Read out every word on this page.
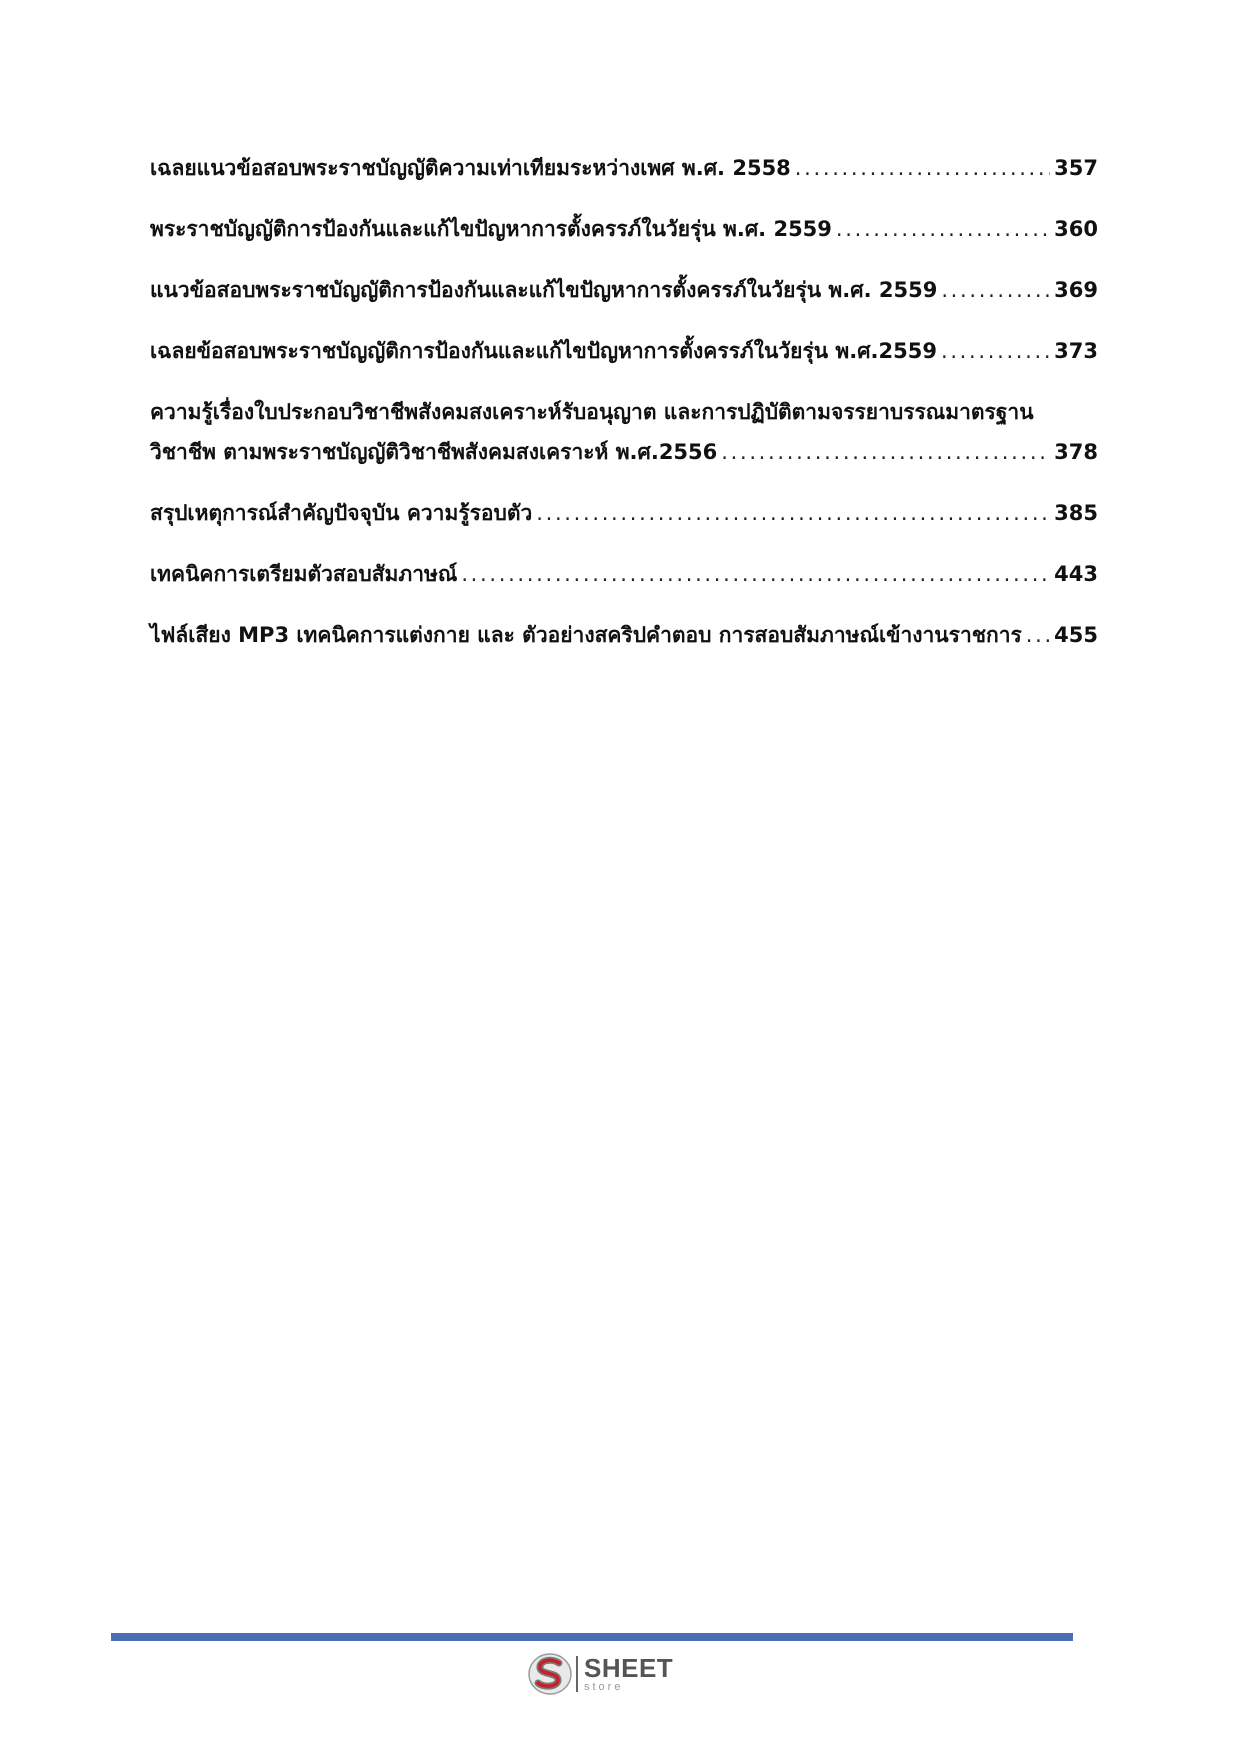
เฉลยแนวข้อสอบพระราชบัญญัติความเท่าเทียมระหว่างเพศ พ.ศ. 2558 . . .	357
พระราชบัญญัติการป้องกันและแก้ไขปัญหาการตั้งครรภ์ในวัยรุ่น พ.ศ. 2559 . . .	360
แนวข้อสอบพระราชบัญญัติการป้องกันและแก้ไขปัญหาการตั้งครรภ์ในวัยรุ่น พ.ศ. 2559 . . .	369
เฉลยข้อสอบพระราชบัญญัติการป้องกันและแก้ไขปัญหาการตั้งครรภ์ในวัยรุ่น พ.ศ.2559 . . .	373
ความรู้เรื่องใบประกอบวิชาชีพสังคมสงเคราะห์รับอนุญาต และการปฏิบัติตามจรรยาบรรณมาตรฐาน
วิชาชีพ ตามพระราชบัญญัติวิชาชีพสังคมสงเคราะห์ พ.ศ.2556 . . .	378
สรุปเหตุการณ์สำคัญปัจจุบัน ความรู้รอบตัว . . .	385
เทคนิคการเตรียมตัวสอบสัมภาษณ์ . . .	443
ไฟล์เสียง MP3 เทคนิคการแต่งกาย และ ตัวอย่างสคริปคำตอบ การสอบสัมภาษณ์เข้างานราชการ . . . 455
SHEET
store
